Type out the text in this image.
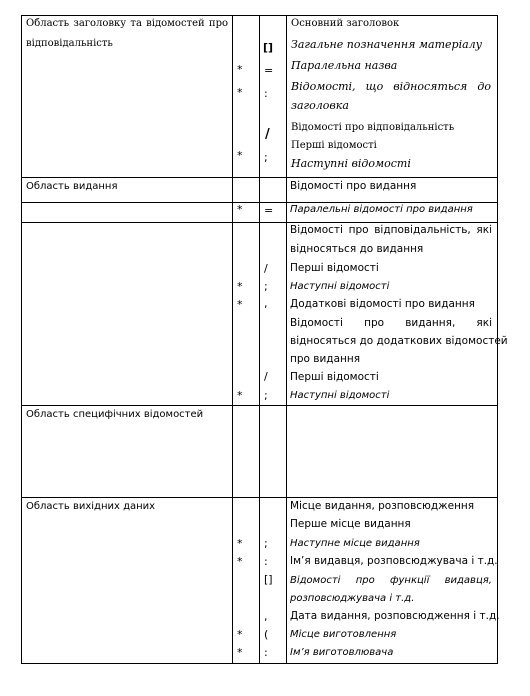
Область заголовку та відомостей про
відповідальність
*
*
*
[]
=
:
/
;
Основний заголовок
Загальне позначення матеріалу
Паралельна назва
Відомості, що відносяться до
заголовка
Відомості про відповідальність
Перші відомості
Наступні відомості
Область видання	Відомості про видання
* = Паралельні відомості про видання
Відомості про відповідальність, які
відносяться до видання
Перші відомості
Наступні відомості
Додаткові відомості про видання
Відомості про видання, які
відносяться до додаткових відомостей
про видання
Перші відомості
Наступні відомості
*
*
*
/
;
,
/
;
Область специфічних відомостей
Область вихідних даних	Місце видання, розповсюдження
Перше місце видання
Наступне місце видання
Ім’я видавця, розповсюджувача і т.д.
Відомості про функції видавця,
розповсюджувача і т.д.
Дата видання, розповсюдження і т.д.
Місце виготовлення
Ім’я виготовлювача
*
*
*
*
;
:
[]
,
(
:
